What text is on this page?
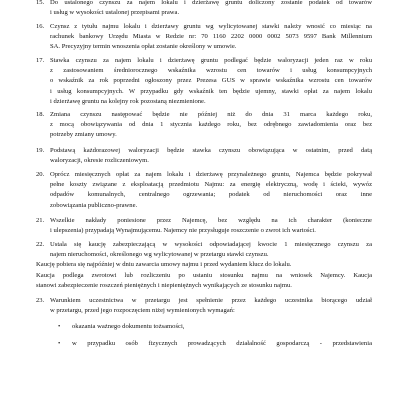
15. Do ustalonego czynszu za najem lokalu i dzierżawę gruntu doliczony zostanie podatek od towarów

i usług w wysokości ustalonej przepisami prawa.

16. Czynsz z tytułu najmu lokalu i dzierżawy gruntu wg wylicytowanej stawki należy wnosić co miesiąc na

rachunek bankowy Urzędu Miasta w Redzie nr: 70 1160 2202 0000 0002 5073 9597 Bank Millennium

SA. Precyzyjny termin wnoszenia opłat zostanie określony w umowie.

17. Stawka czynszu za najem lokalu i dzierżawę gruntu podlegać będzie waloryzacji jeden raz w roku

z zastosowaniem średniorocznego wskaźnika wzrostu cen towarów i usług konsumpcyjnych

o wskaźnik za rok poprzedni ogłoszony przez Prezesa GUS w sprawie wskaźnika wzrostu cen towarów

i usług konsumpcyjnych. W przypadku gdy wskaźnik ten będzie ujemny, stawki opłat za najem lokalu

i dzierżawę gruntu na kolejny rok pozostaną niezmienione.

18. Zmiana czynszu następować będzie nie później niż do dnia 31 marca każdego roku,

z mocą obowiązywania od dnia 1 stycznia każdego roku, bez odrębnego zawiadomienia oraz bez

potrzeby zmiany umowy.

19. Podstawą każdorazowej waloryzacji będzie stawka czynszu obowiązująca w ostatnim, przed datą

waloryzacji, okresie rozliczeniowym.

20. Oprócz miesięcznych opłat za najem lokalu i dzierżawę przynależnego gruntu, Najemca będzie pokrywał

pełne koszty związane z eksploatacją przedmiotu Najmu: za energię elektryczną, wodę i ścieki, wywóz

odpadów komunalnych, centralnego ogrzewania; podatek od nieruchomości oraz inne

zobowiązania publiczno-prawne.

21. Wszelkie nakłady poniesione przez Najemcę, bez względu na ich charakter (konieczne

i ulepszenia) przypadają Wynajmującemu. Najemcy nie przysługuje roszczenie o zwrot ich wartości.

22. Ustala się kaucję zabezpieczającą w wysokości odpowiadającej kwocie 1 miesięcznego czynszu za

najem nieruchomości, określonego wg wylicytowanej w przetargu stawki czynszu.

Kaucję pobiera się najpóźniej w dniu zawarcia umowy najmu i przed wydaniem klucz do lokalu.

Kaucja podlega zwrotowi lub rozliczeniu po ustaniu stosunku najmu na wniosek Najemcy. Kaucja

stanowi zabezpieczenie roszczeń pieniężnych i niepieniężnych wynikających ze stosunku najmu.

23. Warunkiem uczestnictwa w przetargu jest spełnienie przez każdego uczestnika biorącego udział

w przetargu, przed jego rozpoczęciem niżej wymienionych wymagań:

• okazania ważnego dokumentu tożsamości,
• w przypadku osób fizycznych prowadzących działalność gospodarczą - przedstawienia
